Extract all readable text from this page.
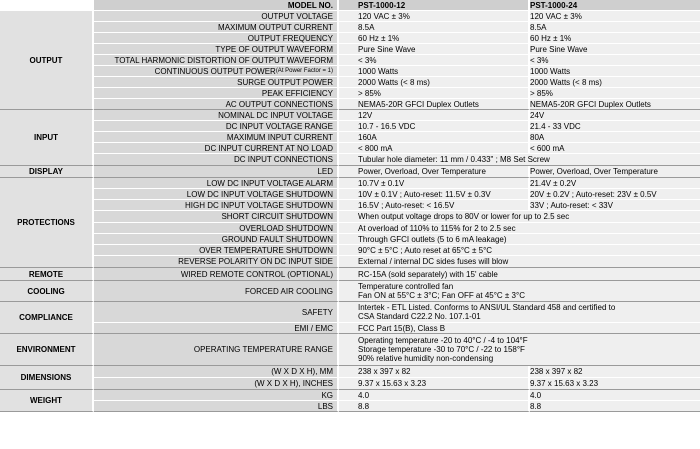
MODEL NO.	PST-1000-12	PST-1000-24
OUTPUT
OUTPUT VOLTAGE	120 VAC ± 3%	120 VAC ± 3%
MAXIMUM OUTPUT CURRENT	8.5A	8.5A
OUTPUT FREQUENCY	60 Hz ± 1%	60 Hz ± 1%
TYPE OF OUTPUT WAVEFORM	Pure Sine Wave	Pure Sine Wave
TOTAL HARMONIC DISTORTION OF OUTPUT WAVEFORM	< 3%	< 3%
CONTINUOUS OUTPUT POWER (At Power Factor = 1)	1000 Watts	1000 Watts
SURGE OUTPUT POWER	2000 Watts (< 8 ms)	2000 Watts (< 8 ms)
PEAK EFFICIENCY	> 85%	> 85%
AC OUTPUT CONNECTIONS	NEMA5-20R GFCI Duplex Outlets	NEMA5-20R GFCI Duplex Outlets
INPUT
NOMINAL DC INPUT VOLTAGE	12V	24V
DC INPUT VOLTAGE RANGE	10.7 - 16.5 VDC	21.4 - 33 VDC
MAXIMUM INPUT CURRENT	160A	80A
DC INPUT CURRENT AT NO LOAD	< 800 mA	< 600 mA
DC INPUT CONNECTIONS	Tubular hole diameter: 11 mm / 0.433" ; M8 Set Screw
DISPLAY	LED	Power, Overload, Over Temperature	Power, Overload, Over Temperature
PROTECTIONS
LOW DC INPUT VOLTAGE ALARM	10.7V ± 0.1V	21.4V ± 0.2V
LOW DC INPUT VOLTAGE SHUTDOWN	10V ± 0.1V ; Auto-reset: 11.5V ± 0.3V	20V ± 0.2V ; Auto-reset: 23V ± 0.5V
HIGH DC INPUT VOLTAGE SHUTDOWN	16.5V ; Auto-reset: < 16.5V	33V ; Auto-reset: < 33V
SHORT CIRCUIT SHUTDOWN	When output voltage drops to 80V or lower for up to 2.5 sec
OVERLOAD SHUTDOWN	At overload of 110% to 115% for 2 to 2.5 sec
GROUND FAULT SHUTDOWN	Through GFCI outlets (5 to 6 mA leakage)
OVER TEMPERATURE SHUTDOWN	90°C ± 5°C ; Auto reset at 65°C ± 5°C
REVERSE POLARITY ON DC INPUT SIDE	External / internal DC sides fuses will blow
REMOTE	WIRED REMOTE CONTROL (OPTIONAL)	RC-15A (sold separately) with 15' cable
COOLING	FORCED AIR COOLING	Temperature controlled fan
Fan ON at 55°C ± 3°C; Fan OFF at 45°C ± 3°C
COMPLIANCE
SAFETY	Intertek - ETL Listed. Conforms to ANSI/UL Standard 458 and certified to
CSA Standard C22.2 No. 107.1-01
EMI / EMC	FCC Part 15(B), Class B
ENVIRONMENT	OPERATING TEMPERATURE RANGE
Operating temperature -20 to 40°C / -4 to 104°F
Storage temperature -30 to 70°C / -22 to 158°F
90% relative humidity non-condensing
DIMENSIONS
(W X D X H), MM	238 x 397 x 82	238 x 397 x 82
(W X D X H), INCHES	9.37 x 15.63 x 3.23	9.37 x 15.63 x 3.23
WEIGHT
KG	4.0	4.0
LBS	8.8	8.8
